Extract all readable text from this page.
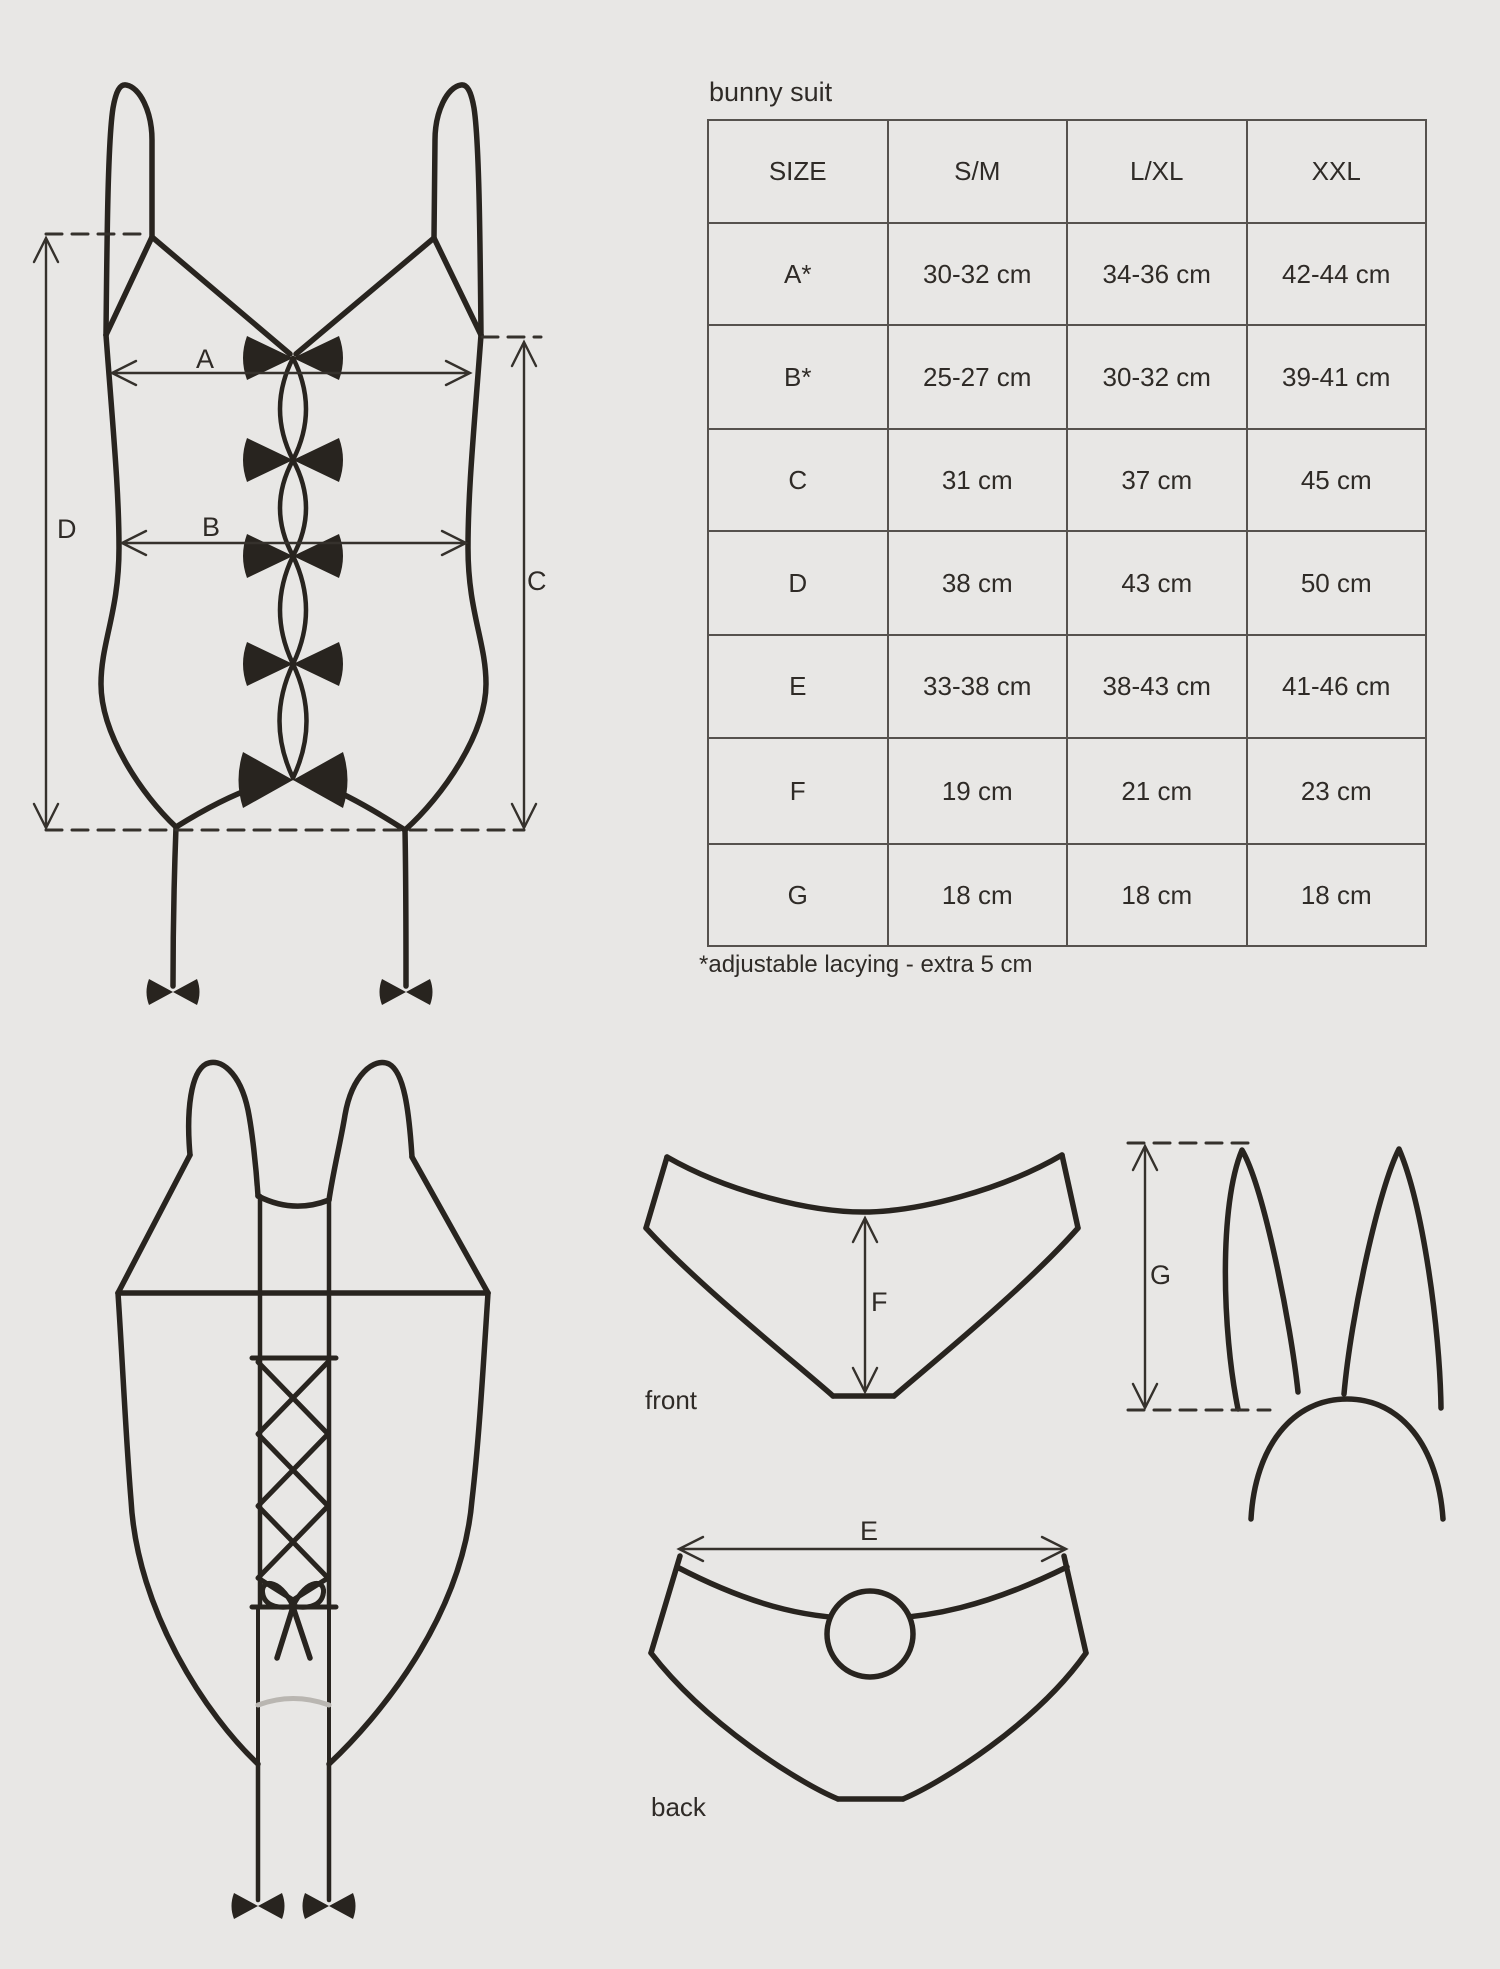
bunny suit
SIZE	S/M	L/XL	XXL
A*	30-32 cm	34-36 cm	42-44 cm
B*	25-27 cm	30-32 cm	39-41 cm
C	31 cm	37 cm	45 cm
D	38 cm	43 cm	50 cm
E	33-38 cm	38-43 cm	41-46 cm
F	19 cm	21 cm	23 cm
G	18 cm	18 cm	18 cm
*adjustable lacying - extra 5 cm
A
B
C
D
E
F
G
front
back
